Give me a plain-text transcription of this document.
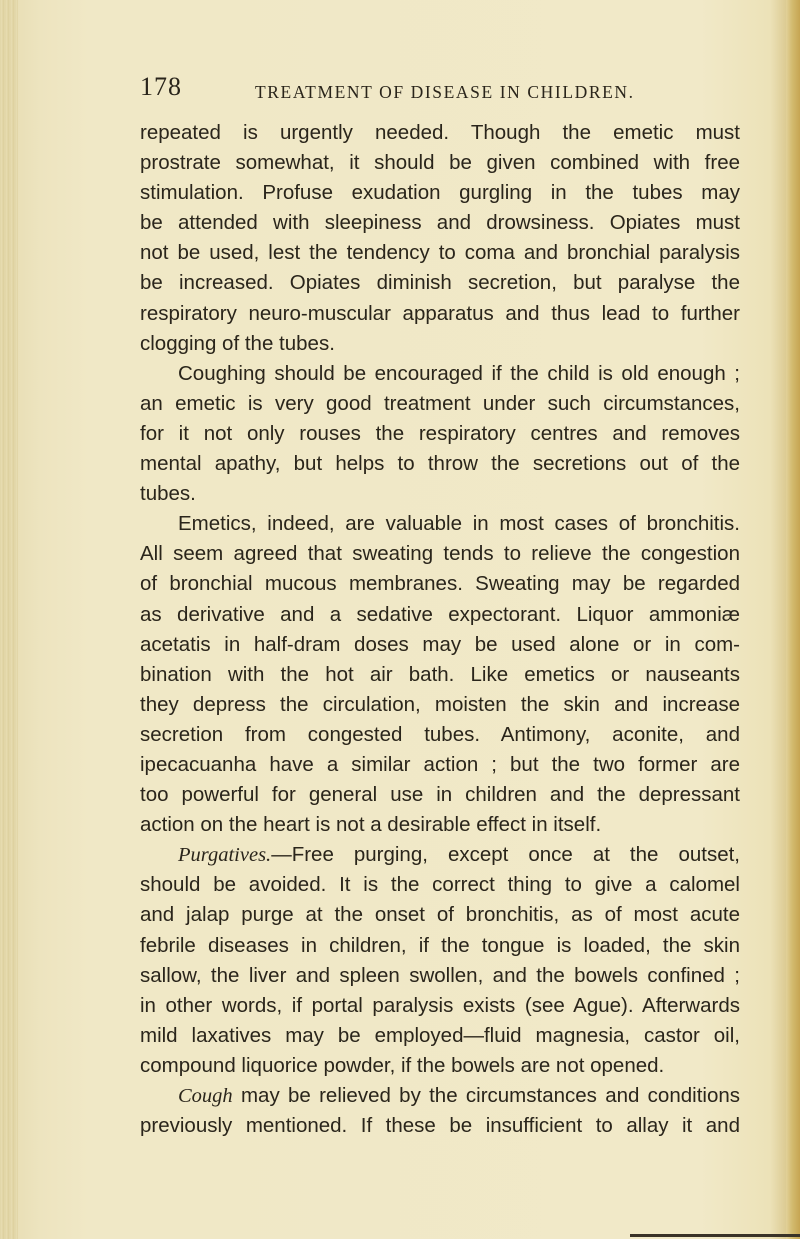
178	TREATMENT OF DISEASE IN CHILDREN.
repeated is urgently needed. Though the emetic must
prostrate somewhat, it should be given combined with free
stimulation. Profuse exudation gurgling in the tubes may
be attended with sleepiness and drowsiness. Opiates must
not be used, lest the tendency to coma and bronchial paralysis
be increased. Opiates diminish secretion, but paralyse the
respiratory neuro-muscular apparatus and thus lead to further
clogging of the tubes.
Coughing should be encouraged if the child is old enough ;
an emetic is very good treatment under such circumstances,
for it not only rouses the respiratory centres and removes
mental apathy, but helps to throw the secretions out of the
tubes.
Emetics, indeed, are valuable in most cases of bronchitis.
All seem agreed that sweating tends to relieve the congestion
of bronchial mucous membranes. Sweating may be regarded
as derivative and a sedative expectorant. Liquor ammoniæ
acetatis in half-dram doses may be used alone or in com-
bination with the hot air bath. Like emetics or nauseants
they depress the circulation, moisten the skin and increase
secretion from congested tubes. Antimony, aconite, and
ipecacuanha have a similar action ; but the two former are
too powerful for general use in children and the depressant
action on the heart is not a desirable effect in itself.
Purgatives.—Free purging, except once at the outset,
should be avoided. It is the correct thing to give a calomel
and jalap purge at the onset of bronchitis, as of most acute
febrile diseases in children, if the tongue is loaded, the skin
sallow, the liver and spleen swollen, and the bowels confined ;
in other words, if portal paralysis exists (see Ague). Afterwards
mild laxatives may be employed—fluid magnesia, castor oil,
compound liquorice powder, if the bowels are not opened.
Cough may be relieved by the circumstances and conditions
previously mentioned. If these be insufficient to allay it and
